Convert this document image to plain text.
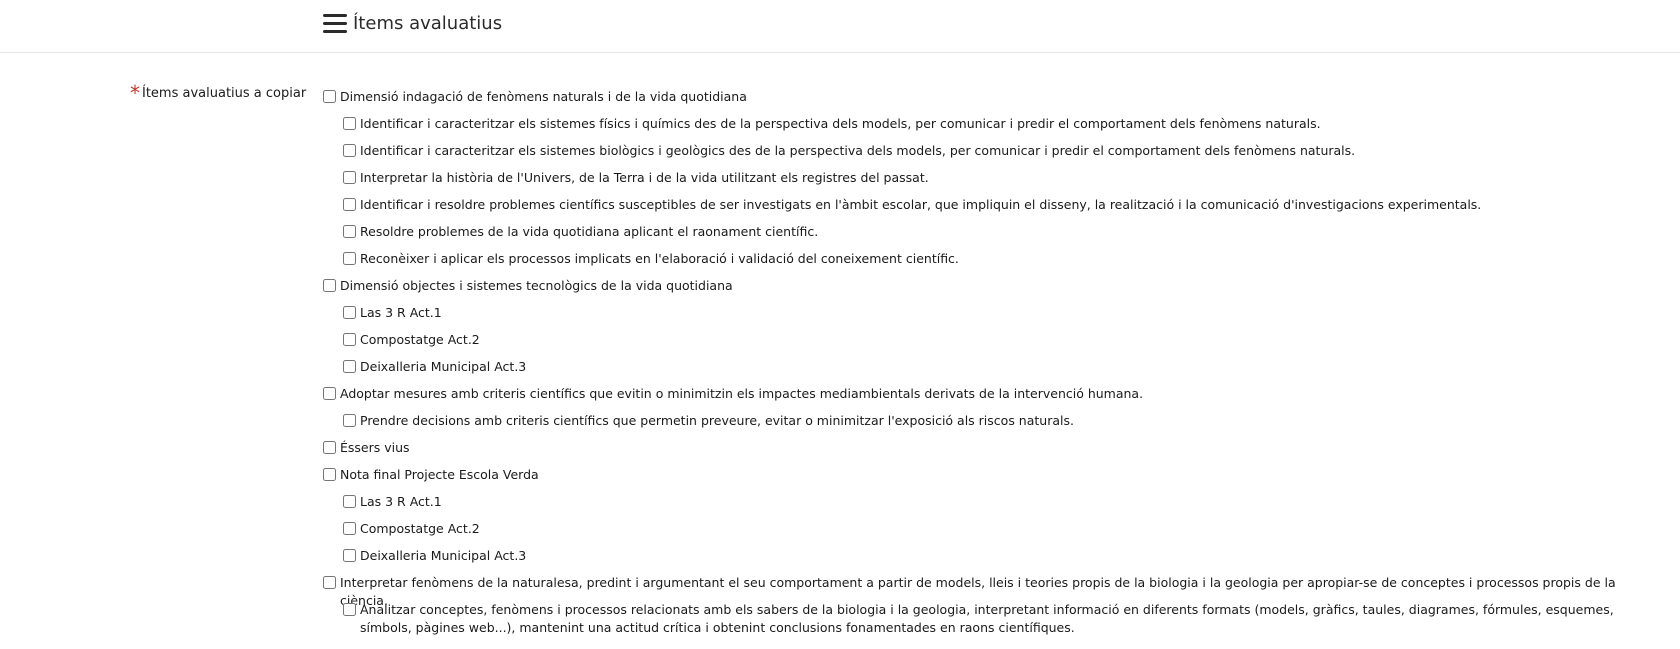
Ítems avaluatius
* Ítems avaluatius a copiar	Dimensió indagació de fenòmens naturals i de la vida quotidiana
Identificar i caracteritzar els sistemes físics i químics des de la perspectiva dels models, per comunicar i predir el comportament dels fenòmens naturals.
Identificar i caracteritzar els sistemes biològics i geològics des de la perspectiva dels models, per comunicar i predir el comportament dels fenòmens naturals.
Interpretar la història de l'Univers, de la Terra i de la vida utilitzant els registres del passat.
Identificar i resoldre problemes científics susceptibles de ser investigats en l'àmbit escolar, que impliquin el disseny, la realització i la comunicació d'investigacions experimentals.
Resoldre problemes de la vida quotidiana aplicant el raonament científic.
Reconèixer i aplicar els processos implicats en l'elaboració i validació del coneixement científic.
Dimensió objectes i sistemes tecnològics de la vida quotidiana
Las 3 R Act.1
Compostatge Act.2
Deixalleria Municipal Act.3
Adoptar mesures amb criteris científics que evitin o minimitzin els impactes mediambientals derivats de la intervenció humana.
Prendre decisions amb criteris científics que permetin preveure, evitar o minimitzar l'exposició als riscos naturals.
Éssers vius
Nota final Projecte Escola Verda
Las 3 R Act.1
Compostatge Act.2
Deixalleria Municipal Act.3
Interpretar fenòmens de la naturalesa, predint i argumentant el seu comportament a partir de models, lleis i teories propis de la biologia i la geologia per apropiar-se de conceptes i processos propis de la ciència.
Analitzar conceptes, fenòmens i processos relacionats amb els sabers de la biologia i la geologia, interpretant informació en diferents formats (models, gràfics, taules, diagrames, fórmules, esquemes, símbols, pàgines web...), mantenint una actitud crítica i obtenint conclusions fonamentades en raons científiques.
